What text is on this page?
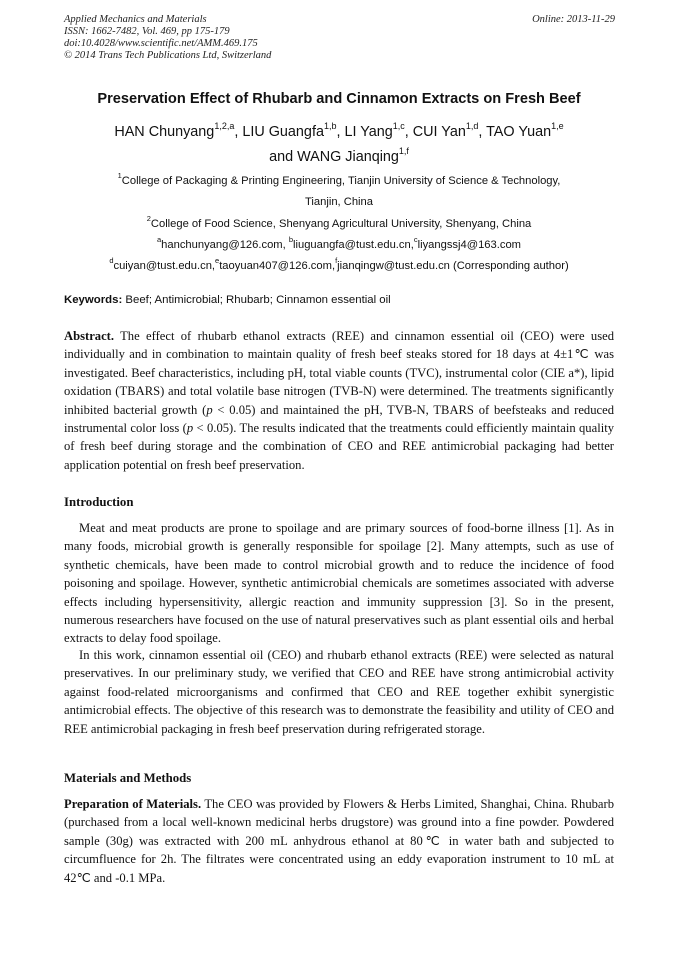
Applied Mechanics and Materials
ISSN: 1662-7482, Vol. 469, pp 175-179
doi:10.4028/www.scientific.net/AMM.469.175
© 2014 Trans Tech Publications Ltd, Switzerland
Online: 2013-11-29
Preservation Effect of Rhubarb and Cinnamon Extracts on Fresh Beef
HAN Chunyang$^{1,2,a}$, LIU Guangfa$^{1,b}$, LI Yang$^{1,c}$, CUI Yan$^{1,d}$, TAO Yuan$^{1,e}$
and WANG Jianqing$^{1,f}$
$^1$College of Packaging & Printing Engineering, Tianjin University of Science & Technology,
Tianjin, China
$^2$College of Food Science, Shenyang Agricultural University, Shenyang, China
$^a$hanchunyang@126.com, $^b$liuguangfa@tust.edu.cn,$^c$liyangssj4@163.com
$^d$cuiyan@tust.edu.cn,$^e$taoyuan407@126.com,$^f$jianqingw@tust.edu.cn (Corresponding author)
Keywords: Beef; Antimicrobial; Rhubarb; Cinnamon essential oil
Abstract. The effect of rhubarb ethanol extracts (REE) and cinnamon essential oil (CEO) were used individually and in combination to maintain quality of fresh beef steaks stored for 18 days at 4±1℃ was investigated. Beef characteristics, including pH, total viable counts (TVC), instrumental color (CIE a*), lipid oxidation (TBARS) and total volatile base nitrogen (TVB-N) were determined. The treatments significantly inhibited bacterial growth (p < 0.05) and maintained the pH, TVB-N, TBARS of beefsteaks and reduced instrumental color loss (p < 0.05). The results indicated that the treatments could efficiently maintain quality of fresh beef during storage and the combination of CEO and REE antimicrobial packaging had better application potential on fresh beef preservation.
Introduction
Meat and meat products are prone to spoilage and are primary sources of food-borne illness [1]. As in many foods, microbial growth is generally responsible for spoilage [2]. Many attempts, such as use of synthetic chemicals, have been made to control microbial growth and to reduce the incidence of food poisoning and spoilage. However, synthetic antimicrobial chemicals are sometimes associated with adverse effects including hypersensitivity, allergic reaction and immunity suppression [3]. So in the present, numerous researchers have focused on the use of natural preservatives such as plant essential oils and herbal extracts to delay food spoilage.
In this work, cinnamon essential oil (CEO) and rhubarb ethanol extracts (REE) were selected as natural preservatives. In our preliminary study, we verified that CEO and REE have strong antimicrobial activity against food-related microorganisms and confirmed that CEO and REE together exhibit synergistic antimicrobial effects. The objective of this research was to demonstrate the feasibility and utility of CEO and REE antimicrobial packaging in fresh beef preservation during refrigerated storage.
Materials and Methods
Preparation of Materials. The CEO was provided by Flowers & Herbs Limited, Shanghai, China. Rhubarb (purchased from a local well-known medicinal herbs drugstore) was ground into a fine powder. Powdered sample (30g) was extracted with 200 mL anhydrous ethanol at 80℃ in water bath and subjected to circumfluence for 2h. The filtrates were concentrated using an eddy evaporation instrument to 10 mL at 42℃ and -0.1 MPa.
